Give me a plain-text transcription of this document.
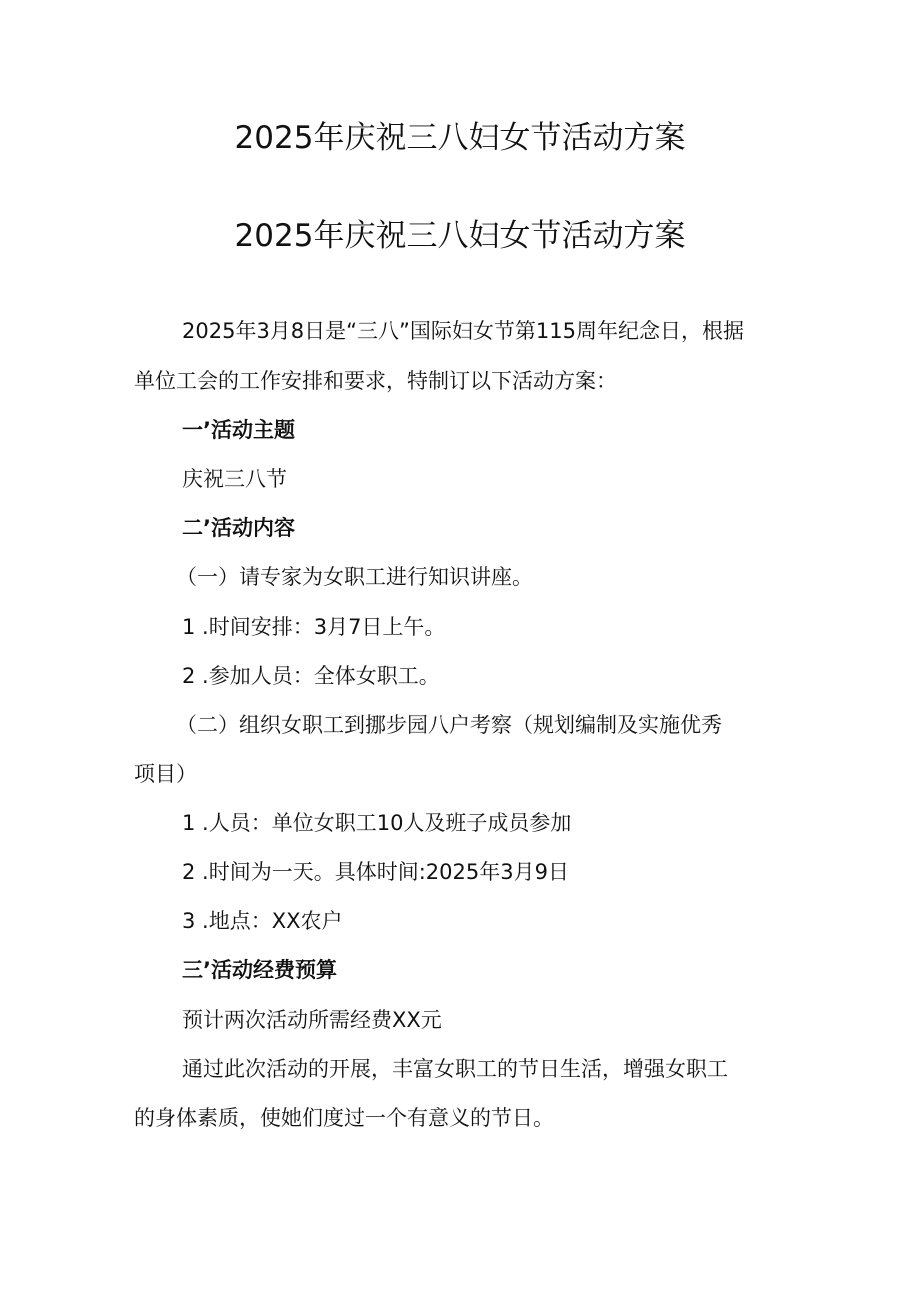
2025年庆祝三八妇女节活动方案
2025年庆祝三八妇女节活动方案
2025年3月8日是“三八”国际妇女节第115周年纪念日，根据
单位工会的工作安排和要求，特制订以下活动方案：
一’活动主题
庆祝三八节
二’活动内容
（一）请专家为女职工进行知识讲座。
1 .时间安排：3月7日上午。
2 .参加人员：全体女职工。
（二）组织女职工到挪步园八户考察（规划编制及实施优秀
项目）
1 .人员：单位女职工10人及班子成员参加
2 .时间为一天。具体时间:2025年3月9日
3 .地点：XX农户
三’活动经费预算
预计两次活动所需经费XX元
通过此次活动的开展，丰富女职工的节日生活，增强女职工
的身体素质，使她们度过一个有意义的节日。
